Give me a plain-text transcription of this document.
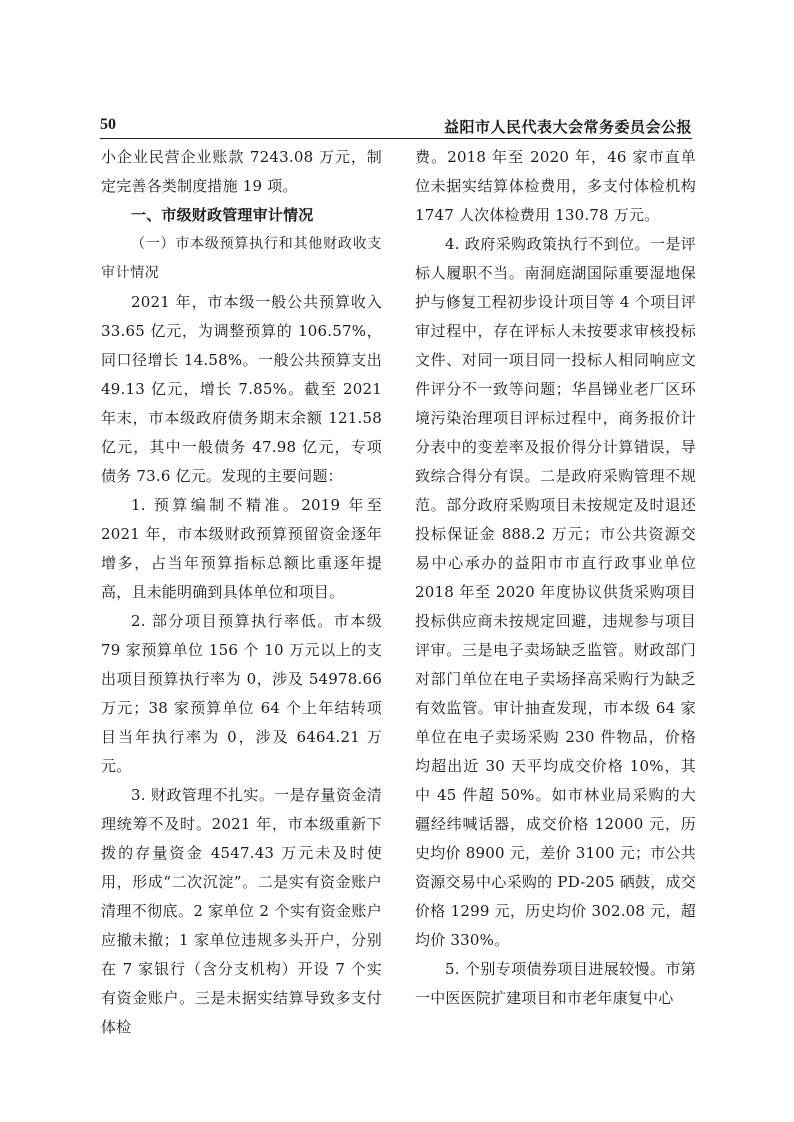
50	益阳市人民代表大会常务委员会公报

小企业民营企业账款 7243.08 万元，制定完善各类制度措施 19 项。

一、市级财政管理审计情况

（一）市本级预算执行和其他财政收支审计情况

2021 年，市本级一般公共预算收入 33.65 亿元，为调整预算的 106.57%，同口径增长 14.58%。一般公共预算支出 49.13 亿元，增长 7.85%。截至 2021 年末，市本级政府债务期末余额 121.58 亿元，其中一般债务 47.98 亿元，专项债务 73.6 亿元。发现的主要问题：

1. 预算编制不精准。2019 年至 2021 年，市本级财政预算预留资金逐年增多，占当年预算指标总额比重逐年提高，且未能明确到具体单位和项目。

2. 部分项目预算执行率低。市本级 79 家预算单位 156 个 10 万元以上的支出项目预算执行率为 0，涉及 54978.66 万元；38 家预算单位 64 个上年结转项目当年执行率为 0，涉及 6464.21 万元。

3. 财政管理不扎实。一是存量资金清理统筹不及时。2021 年，市本级重新下拨的存量资金 4547.43 万元未及时使用，形成“二次沉淀”。二是实有资金账户清理不彻底。2 家单位 2 个实有资金账户应撤未撤；1 家单位违规多头开户，分别在 7 家银行（含分支机构）开设 7 个实有资金账户。三是未据实结算导致多支付体检

费。2018 年至 2020 年，46 家市直单位未据实结算体检费用，多支付体检机构 1747 人次体检费用 130.78 万元。

4. 政府采购政策执行不到位。一是评标人履职不当。南洞庭湖国际重要湿地保护与修复工程初步设计项目等 4 个项目评审过程中，存在评标人未按要求审核投标文件、对同一项目同一投标人相同响应文件评分不一致等问题；华昌锑业老厂区环境污染治理项目评标过程中，商务报价计分表中的变差率及报价得分计算错误，导致综合得分有误。二是政府采购管理不规范。部分政府采购项目未按规定及时退还投标保证金 888.2 万元；市公共资源交易中心承办的益阳市市直行政事业单位 2018 年至 2020 年度协议供货采购项目投标供应商未按规定回避，违规参与项目评审。三是电子卖场缺乏监管。财政部门对部门单位在电子卖场择高采购行为缺乏有效监管。审计抽查发现，市本级 64 家单位在电子卖场采购 230 件物品，价格均超出近 30 天平均成交价格 10%，其中 45 件超 50%。如市林业局采购的大疆经纬喊话器，成交价格 12000 元，历史均价 8900 元，差价 3100 元；市公共资源交易中心采购的 PD-205 硒鼓，成交价格 1299 元，历史均价 302.08 元，超均价 330%。

5. 个别专项债券项目进展较慢。市第一中医医院扩建项目和市老年康复中心
